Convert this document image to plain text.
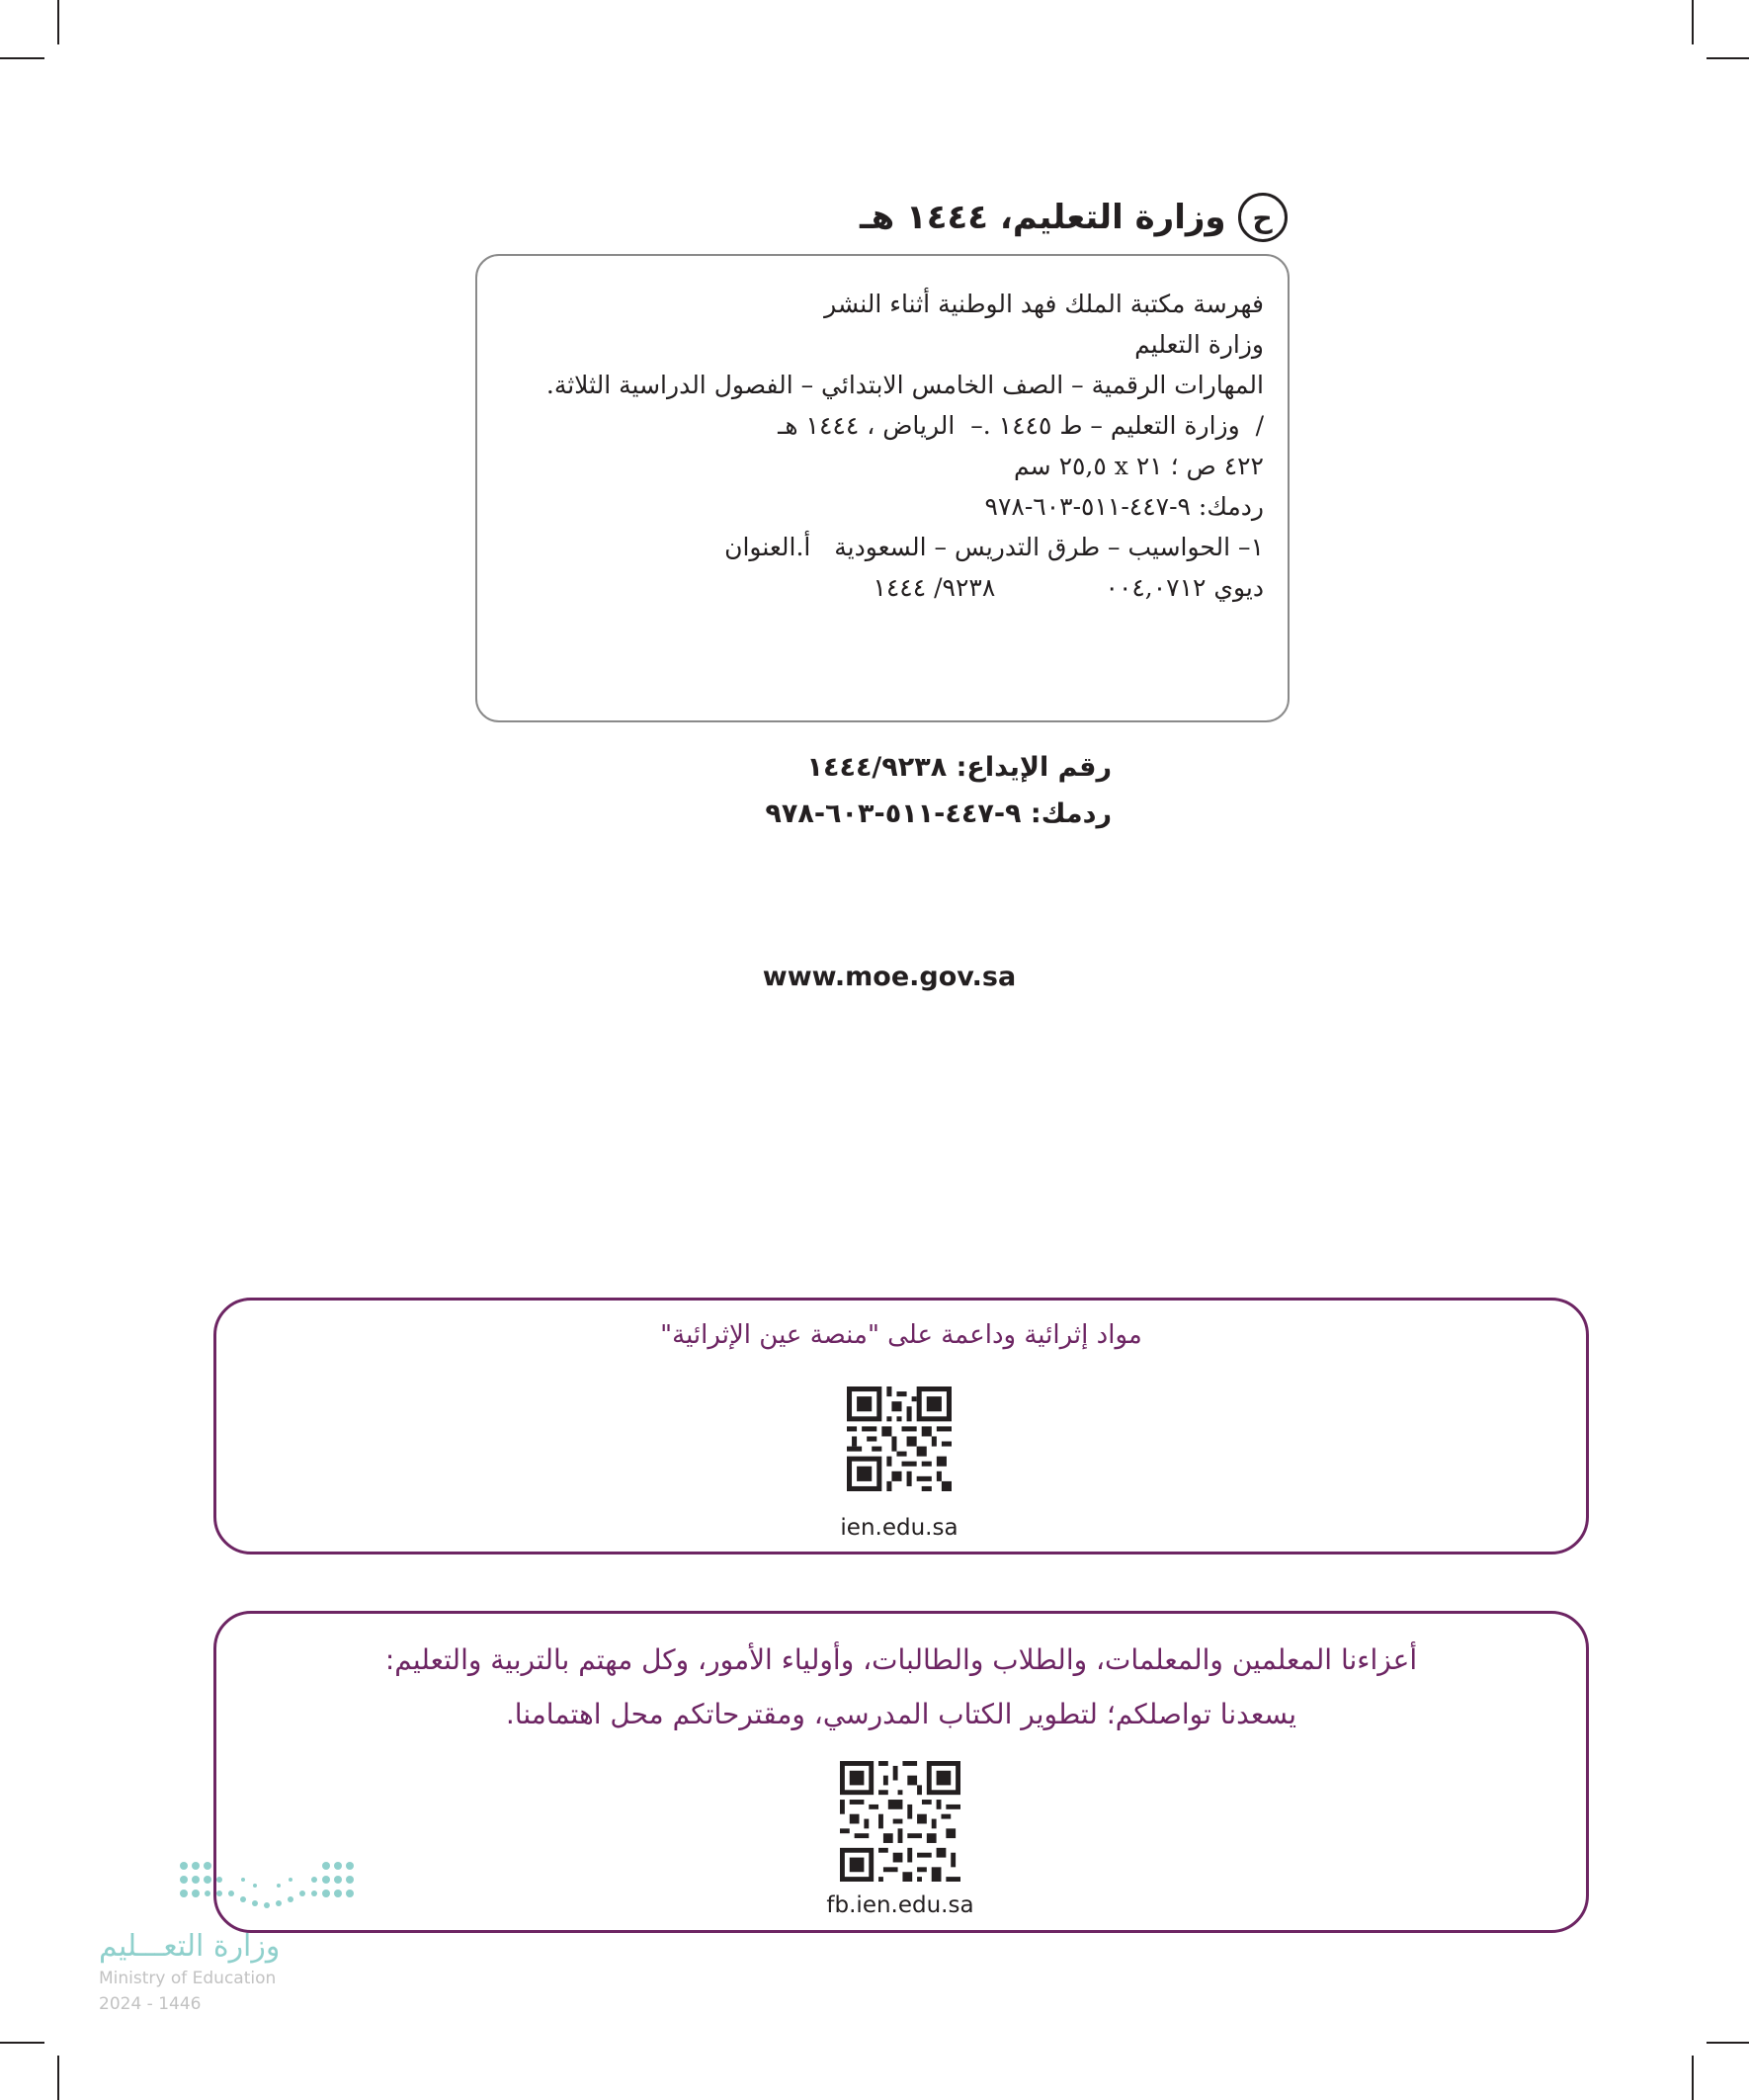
ح
وزارة التعليم، ١٤٤٤ هـ
فهرسة مكتبة الملك فهد الوطنية أثناء النشر
وزارة التعليم
المهارات الرقمية – الصف الخامس الابتدائي – الفصول الدراسية الثلاثة.
/  وزارة التعليم – ط ١٤٤٥ .–  الرياض ، ١٤٤٤ هـ
٤٢٢ ص ؛ ٢١ x ٢٥,٥ سم
ردمك: ٩-٤٤٧-٥١١-٦٠٣-٩٧٨
١– الحواسيب – طرق التدريس – السعودية   أ.العنوان
ديوي ٠٠٤,٠٧١٢              ٩٢٣٨/ ١٤٤٤
رقم الإيداع: ١٤٤٤/٩٢٣٨
ردمك: ٩-٤٤٧-٥١١-٦٠٣-٩٧٨
www.moe.gov.sa
مواد إثرائية وداعمة على "منصة عين الإثرائية"
ien.edu.sa
أعزاءنا المعلمين والمعلمات، والطلاب والطالبات، وأولياء الأمور، وكل مهتم بالتربية والتعليم:
يسعدنا تواصلكم؛ لتطوير الكتاب المدرسي، ومقترحاتكم محل اهتمامنا.
fb.ien.edu.sa
وزارة التعـــليم
Ministry of Education
2024 - 1446
